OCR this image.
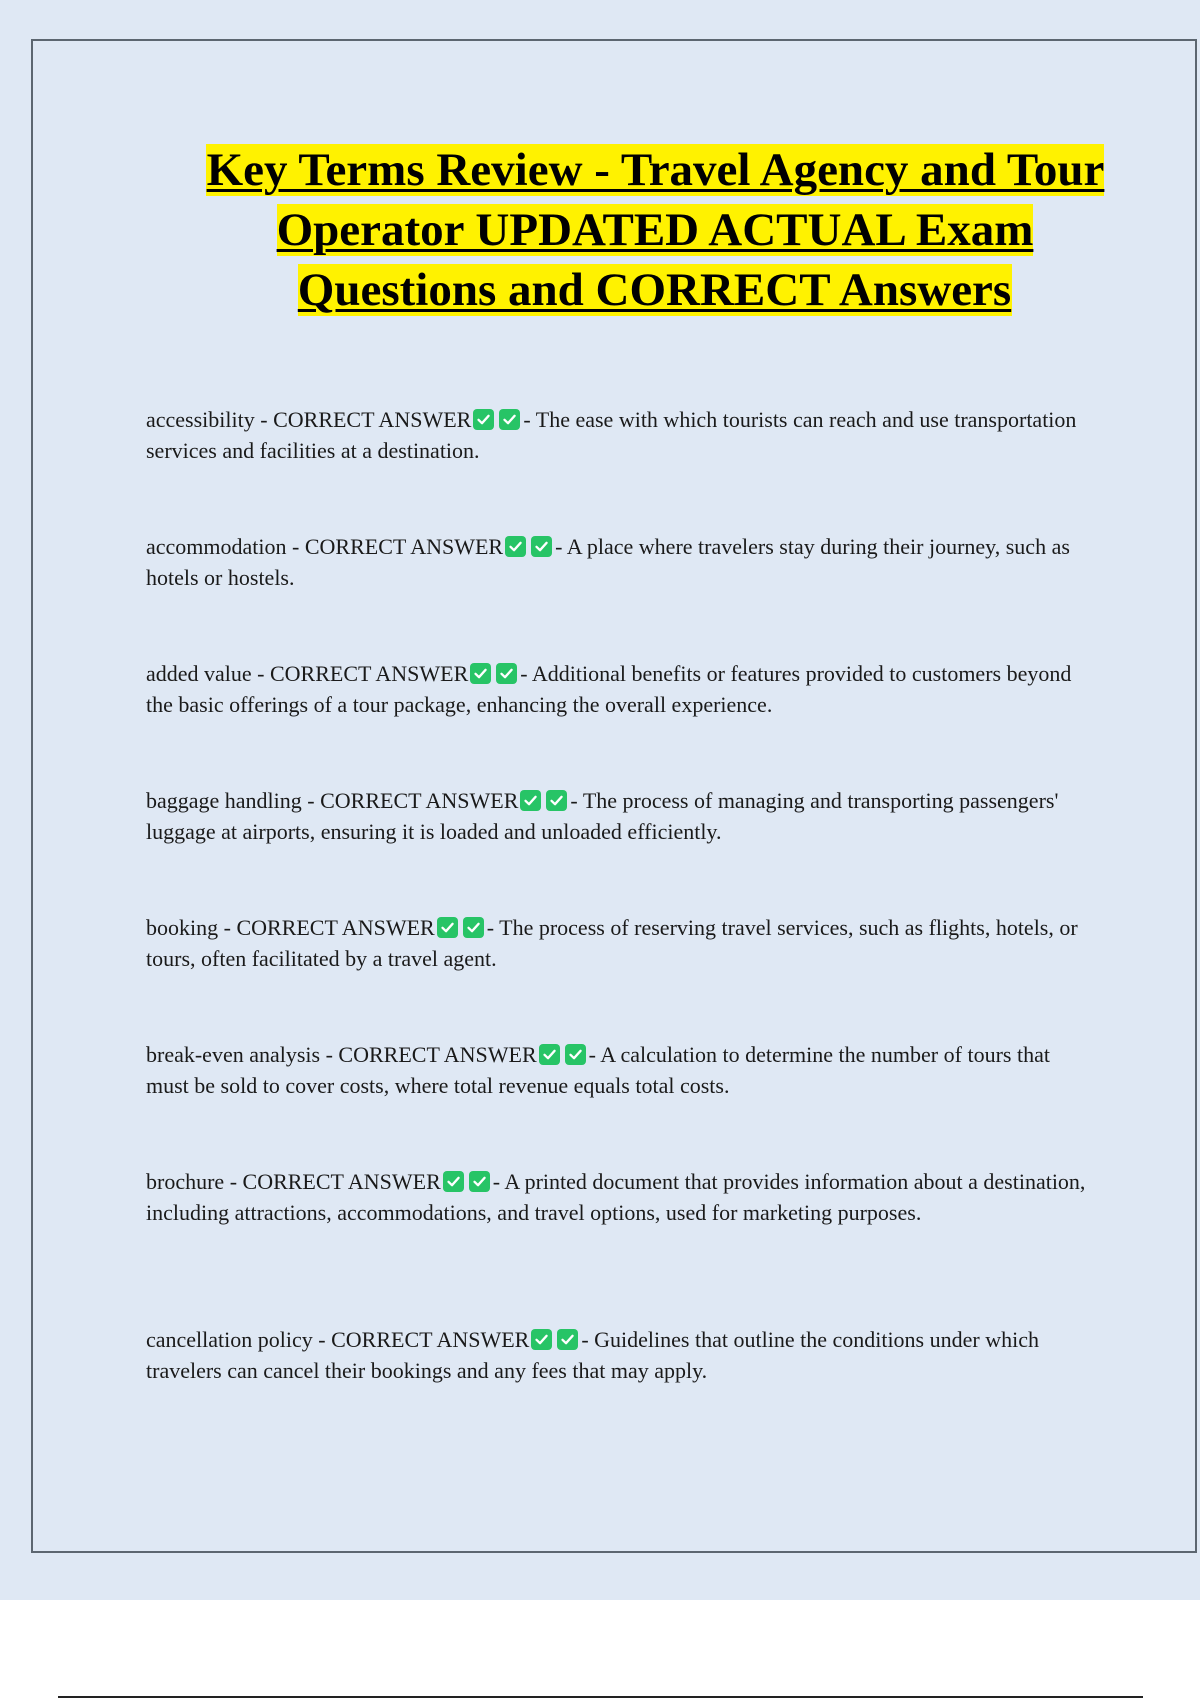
Key Terms Review - Travel Agency and Tour Operator UPDATED ACTUAL Exam Questions and CORRECT Answers

accessibility - CORRECT ANSWER - The ease with which tourists can reach and use transportation services and facilities at a destination.

accommodation - CORRECT ANSWER - A place where travelers stay during their journey, such as hotels or hostels.

added value - CORRECT ANSWER - Additional benefits or features provided to customers beyond the basic offerings of a tour package, enhancing the overall experience.

baggage handling - CORRECT ANSWER - The process of managing and transporting passengers' luggage at airports, ensuring it is loaded and unloaded efficiently.

booking - CORRECT ANSWER - The process of reserving travel services, such as flights, hotels, or tours, often facilitated by a travel agent.

break-even analysis - CORRECT ANSWER - A calculation to determine the number of tours that must be sold to cover costs, where total revenue equals total costs.

brochure - CORRECT ANSWER - A printed document that provides information about a destination, including attractions, accommodations, and travel options, used for marketing purposes.

cancellation policy - CORRECT ANSWER - Guidelines that outline the conditions under which travelers can cancel their bookings and any fees that may apply.
